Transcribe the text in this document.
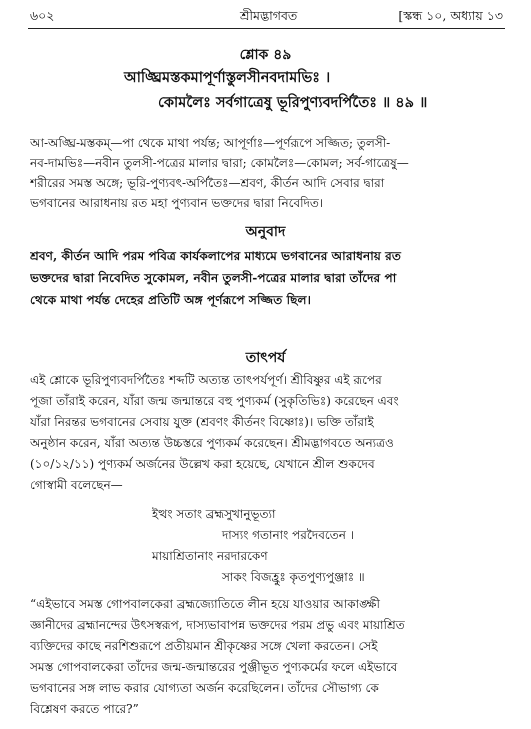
৬০২	শ্রীমদ্ভাগবত	[স্কন্ধ ১০, অধ্যায় ১৩
শ্লোক ৪৯
আঙ্ঘ্রিমস্তকমাপূর্ণাস্তুলসীনবদামভিঃ ।
কোমলৈঃ সর্বগাত্রেষু ভূরিপুণ্যবদর্পিতৈঃ ॥ ৪৯ ॥
আ-অঙ্ঘ্রি-মস্তকম্—পা থেকে মাথা পর্যন্ত; আপূর্ণাঃ—পূর্ণরূপে সজ্জিত; তুলসী-
নব-দামভিঃ—নবীন তুলসী-পত্রের মালার দ্বারা; কোমলৈঃ—কোমল; সর্ব-গাত্রেষু—
শরীরের সমস্ত অঙ্গে; ভূরি-পুণ্যবৎ-অর্পিতৈঃ—শ্রবণ, কীর্তন আদি সেবার দ্বারা
ভগবানের আরাধনায় রত মহা পুণ্যবান ভক্তদের দ্বারা নিবেদিত।
অনুবাদ
শ্রবণ, কীর্তন আদি পরম পবিত্র কার্যকলাপের মাধ্যমে ভগবানের আরাধনায় রত
ভক্তদের দ্বারা নিবেদিত সুকোমল, নবীন তুলসী-পত্রের মালার দ্বারা তাঁদের পা
থেকে মাথা পর্যন্ত দেহের প্রতিটি অঙ্গ পূর্ণরূপে সজ্জিত ছিল।
তাৎপর্য
এই শ্লোকে ভূরিপুণ্যবদর্পিতৈঃ শব্দটি অত্যন্ত তাৎপর্যপূর্ণ। শ্রীবিষ্ণুর এই রূপের
পূজা তাঁরাই করেন, যাঁরা জন্ম জন্মান্তরে বহু পুণ্যকর্ম (সুকৃতিভিঃ) করেছেন এবং
যাঁরা নিরন্তর ভগবানের সেবায় যুক্ত (শ্রবণং কীর্তনং বিষ্ণোঃ)। ভক্তি তাঁরাই
অনুষ্ঠান করেন, যাঁরা অত্যন্ত উচ্চস্তরে পুণ্যকর্ম করেছেন। শ্রীমদ্ভাগবতে অন্যত্রও
(১০/১২/১১) পুণ্যকর্ম অর্জনের উল্লেখ করা হয়েছে, যেখানে শ্রীল শুকদেব
গোস্বামী বলেছেন—
ইত্থং সতাং ব্রহ্মসুখানুভূত্যা
দাস্যং গতানাং পরদৈবতেন ।
মায়াশ্রিতানাং নরদারকেণ
সাকং বিজহ্রুঃ কৃতপুণ্যপুঞ্জাঃ ॥
“এইভাবে সমস্ত গোপবালকেরা ব্রহ্মজ্যোতিতে লীন হয়ে যাওয়ার আকাঙ্ক্ষী
জ্ঞানীদের ব্রহ্মানন্দের উৎসস্বরূপ, দাস্যভাবাপন্ন ভক্তদের পরম প্রভু এবং মায়াশ্রিত
ব্যক্তিদের কাছে নরশিশুরূপে প্রতীয়মান শ্রীকৃষ্ণের সঙ্গে খেলা করতেন। সেই
সমস্ত গোপবালকেরা তাঁদের জন্ম-জন্মান্তরের পুঞ্জীভূত পুণ্যকর্মের ফলে এইভাবে
ভগবানের সঙ্গ লাভ করার যোগ্যতা অর্জন করেছিলেন। তাঁদের সৌভাগ্য কে
বিশ্লেষণ করতে পারে?”
